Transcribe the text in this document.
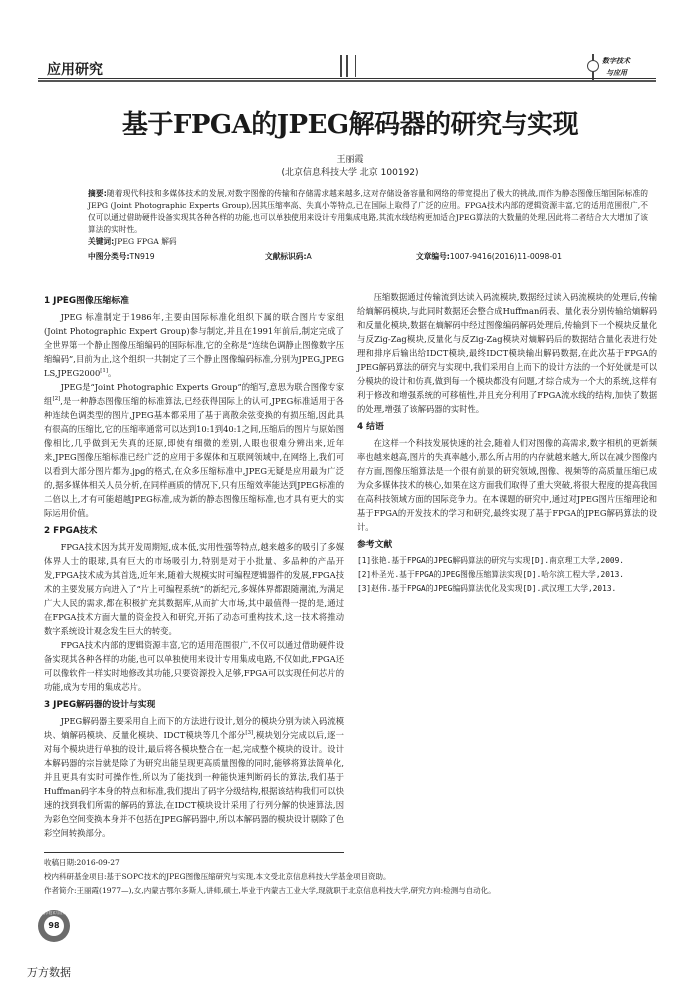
应用研究
数字技术
与应用
基于FPGA的JPEG解码器的研究与实现
王丽霞
(北京信息科技大学 北京 100192)
摘要:随着现代科技和多媒体技术的发展,对数字图像的传输和存储需求越来越多,这对存储设备容量和网络的带宽提出了极大的挑战,而作为静态图像压缩国际标准的JEPG (Joint Photographic Experts Group),因其压缩率高、失真小等特点,已在国际上取得了广泛的应用。FPGA技术内部的逻辑资源丰富,它的适用范围很广,不仅可以通过借助硬件设备实现其各种各样的功能,也可以单独使用来设计专用集成电路,其流水线结构更加适合JPEG算法的大数量的处理,因此将二者结合大大增加了该算法的实时性。
关键词:JPEG FPGA 解码
中图分类号:TN919	文献标识码:A	文章编号:1007-9416(2016)11-0098-01
1 JPEG图像压缩标准

JPEG 标准制定于1986年,主要由国际标准化组织下属的联合图片专家组(Joint Photographic Expert Group)参与制定,并且在1991年前后,制定完成了全世界第一个静止图像压缩编码的国际标准,它的全称是“连续色调静止图像数字压缩编码”,目前为止,这个组织一共制定了三个静止图像编码标准,分别为JPEG,JPEG LS,JPEG2000[1]。

JPEG是“Joint Photographic Experts Group”的缩写,意思为联合图像专家组[2],是一种静态图像压缩的标准算法,已经获得国际上的认可,JPEG标准适用于各种连续色调类型的图片,JPEG基本都采用了基于离散余弦变换的有损压缩,因此具有很高的压缩比,它的压缩率通常可以达到10:1到40:1之间,压缩后的图片与原始图像相比,几乎做到无失真的还原,即使有细微的差别,人眼也很难分辨出来,近年来,JPEG图像压缩标准已经广泛的应用于多媒体和互联网领域中,在网络上,我们可以看到大部分图片都为.jpg的格式,在众多压缩标准中,JPEG无疑是应用最为广泛的,据多媒体相关人员分析,在同样画质的情况下,只有压缩效率能达到JPEG标准的二倍以上,才有可能超越JPEG标准,成为新的静态图像压缩标准,也才具有更大的实际运用价值。

2 FPGA技术

FPGA技术因为其开发周期短,成本低,实用性强等特点,越来越多的吸引了多媒体界人士的眼球,具有巨大的市场吸引力,特别是对于小批量、多品种的产品开发,FPGA技术成为其首选,近年来,随着大规模实时可编程逻辑器件的发展,FPGA技术的主要发展方向进入了“片上可编程系统”的新纪元,多媒体界都跟随潮流,为满足广大人民的需求,都在积极扩充其数据库,从而扩大市场,其中最值得一提的是,通过在FPGA技术方面大量的资金投入和研究,开拓了动态可重构技术,这一技术将推动数字系统设计观念发生巨大的转变。

FPGA技术内部的逻辑资源丰富,它的适用范围很广,不仅可以通过借助硬件设备实现其各种各样的功能,也可以单独使用来设计专用集成电路,不仅如此,FPGA还可以像软件一样实时地修改其功能,只要资源投入足够,FPGA可以实现任何芯片的功能,成为专用的集成芯片。

3 JPEG解码器的设计与实现

JPEG解码器主要采用自上而下的方法进行设计,划分的模块分别为读入码流模块、熵解码模块、反量化模块、IDCT模块等几个部分[3],模块划分完成以后,逐一对每个模块进行单独的设计,最后将各模块整合在一起,完成整个模块的设计。设计本解码器的宗旨就是除了为研究出能呈现更高质量图像的同时,能够将算法简单化,并且更具有实时可操作性,所以为了能找到一种能快速判断码长的算法,我们基于Huffman码字本身的特点和标准,我们提出了码字分级结构,根据该结构我们可以快速的找到我们所需的解码的算法,在IDCT模块设计采用了行列分解的快速算法,因为彩色空间变换本身并不包括在JPEG解码器中,所以本解码器的模块设计剔除了色彩空间转换部分。

压缩数据通过传输流到达读入码流模块,数据经过读入码流模块的处理后,传输给熵解码模块,与此同时数据还会整合成Huffman码表、量化表分别传输给熵解码和反量化模块,数据在熵解码中经过图像编码解码处理后,传输到下一个模块反量化与反Zig-Zag模块,反量化与反Zig-Zag模块对熵解码后的数据结合量化表进行处理和排序后输出给IDCT模块,最终IDCT模块输出解码数据,在此次基于FPGA的JPEG解码算法的研究与实现中,我们采用自上而下的设计方法的一个好处就是可以分模块的设计和仿真,做到每一个模块都没有问题,才综合成为一个大的系统,这样有利于修改和增强系统的可移植性,并且充分利用了FPGA流水线的结构,加快了数据的处理,增强了该解码器的实时性。

4 结语

在这样一个科技发展快速的社会,随着人们对图像的高需求,数字相机的更新频率也越来越高,图片的失真率越小,那么所占用的内存就越来越大,所以在减少图像内存方面,图像压缩算法是一个很有前景的研究领域,图像、视频等的高质量压缩已成为众多媒体技术的核心,如果在这方面我们取得了重大突破,将很大程度的提高我国在高科技领域方面的国际竞争力。在本课题的研究中,通过对JPEG图片压缩理论和基于FPGA的开发技术的学习和研究,最终实现了基于FPGA的JPEG解码算法的设计。

参考文献
[1]张艳.基于FPGA的JPEG解码算法的研究与实现[D].南京理工大学,2009.
[2]朴圣光.基于FPGA的JPEG图像压缩算法实现[D].哈尔滨工程大学,2013.
[3]赵伟.基于FPGA的JPEG编码算法优化及实现[D].武汉理工大学,2013.
收稿日期:2016-09-27
校内科研基金项目:基于SOPC技术的JPEG图像压缩研究与实现,本文受北京信息科技大学基金项目资助。
作者简介:王丽霞(1977—),女,内蒙古鄂尔多斯人,讲师,硕士,毕业于内蒙古工业大学,现就职于北京信息科技大学,研究方向:检测与自动化。
数字技术与应用
98
万方数据
